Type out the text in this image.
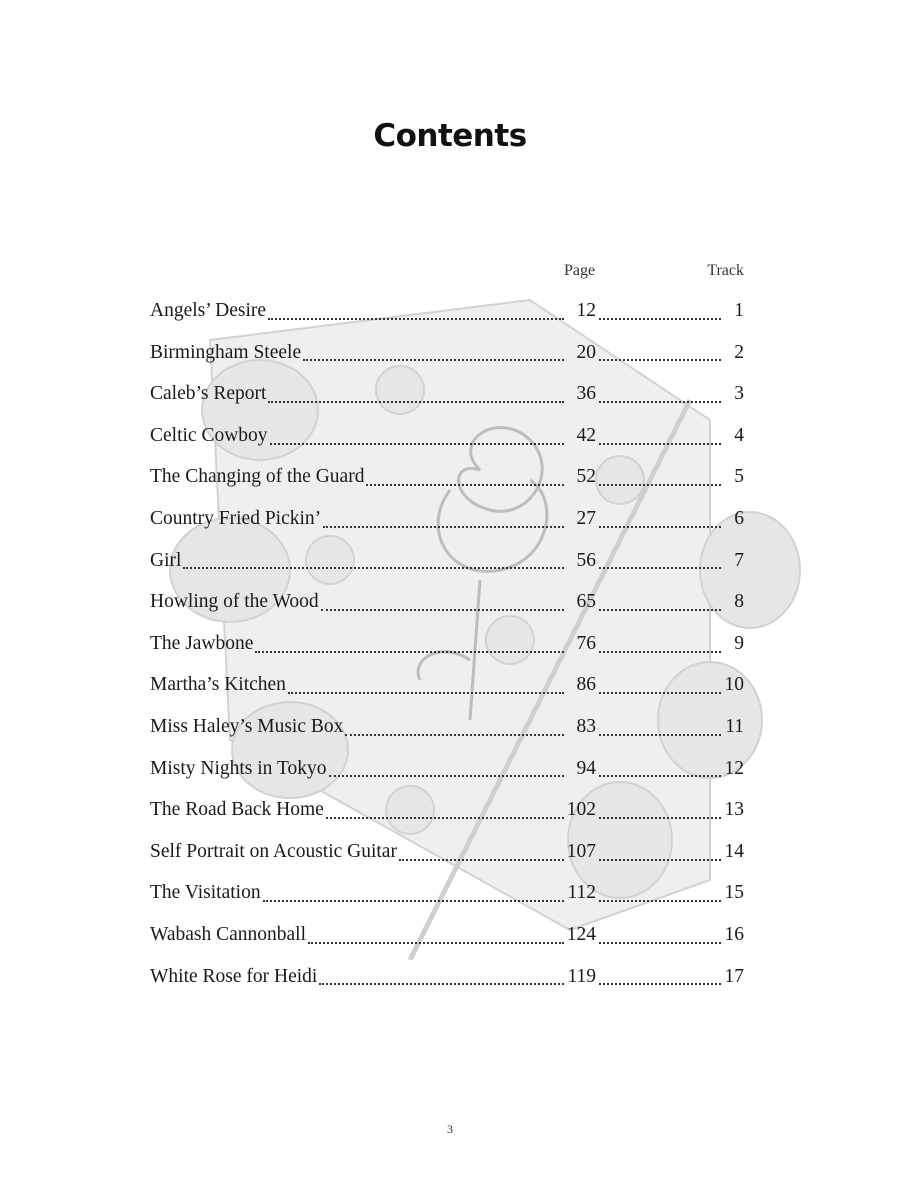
Contents
Page	Track
Angels’ Desire	12	1
Birmingham Steele	20	2
Caleb’s Report	36	3
Celtic Cowboy	42	4
The Changing of the Guard	52	5
Country Fried Pickin’	27	6
Girl	56	7
Howling of the Wood	65	8
The Jawbone	76	9
Martha’s Kitchen	86	10
Miss Haley’s Music Box	83	11
Misty Nights in Tokyo	94	12
The Road Back Home	102	13
Self Portrait on Acoustic Guitar	107	14
The Visitation	112	15
Wabash Cannonball	124	16
White Rose for Heidi	119	17
3
